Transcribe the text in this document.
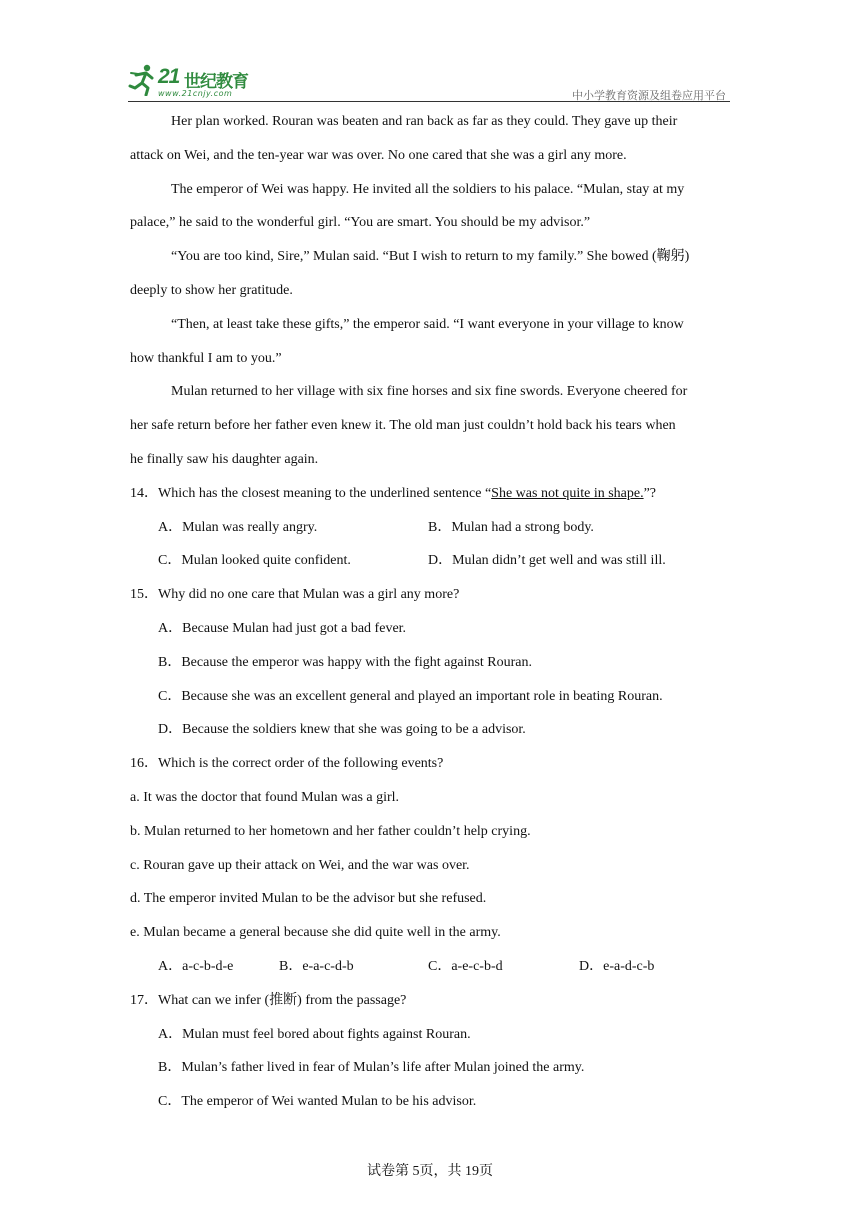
21 世纪教育
www.21cnjy.com	中小学教育资源及组卷应用平台
Her plan worked. Rouran was beaten and ran back as far as they could. They gave up their
attack on Wei, and the ten-year war was over. No one cared that she was a girl any more.
The emperor of Wei was happy. He invited all the soldiers to his palace. “Mulan, stay at my
palace,” he said to the wonderful girl. “You are smart. You should be my advisor.”
“You are too kind, Sire,” Mulan said. “But I wish to return to my family.” She bowed (鞠躬)
deeply to show her gratitude.
“Then, at least take these gifts,” the emperor said. “I want everyone in your village to know
how thankful I am to you.”
Mulan returned to her village with six fine horses and six fine swords. Everyone cheered for
her safe return before her father even knew it. The old man just couldn’t hold back his tears when
he finally saw his daughter again.
14．Which has the closest meaning to the underlined sentence “She was not quite in shape.”?
A．Mulan was really angry.	B．Mulan had a strong body.
C．Mulan looked quite confident.	D．Mulan didn’t get well and was still ill.
15．Why did no one care that Mulan was a girl any more?
A．Because Mulan had just got a bad fever.
B．Because the emperor was happy with the fight against Rouran.
C．Because she was an excellent general and played an important role in beating Rouran.
D．Because the soldiers knew that she was going to be a advisor.
16．Which is the correct order of the following events?
a. It was the doctor that found Mulan was a girl.
b. Mulan returned to her hometown and her father couldn’t help crying.
c. Rouran gave up their attack on Wei, and the war was over.
d. The emperor invited Mulan to be the advisor but she refused.
e. Mulan became a general because she did quite well in the army.
A．a-c-b-d-e	B．e-a-c-d-b	C．a-e-c-b-d	D．e-a-d-c-b
17．What can we infer (推断) from the passage?
A．Mulan must feel bored about fights against Rouran.
B．Mulan’s father lived in fear of Mulan’s life after Mulan joined the army.
C．The emperor of Wei wanted Mulan to be his advisor.
试卷第 5页，共 19页
